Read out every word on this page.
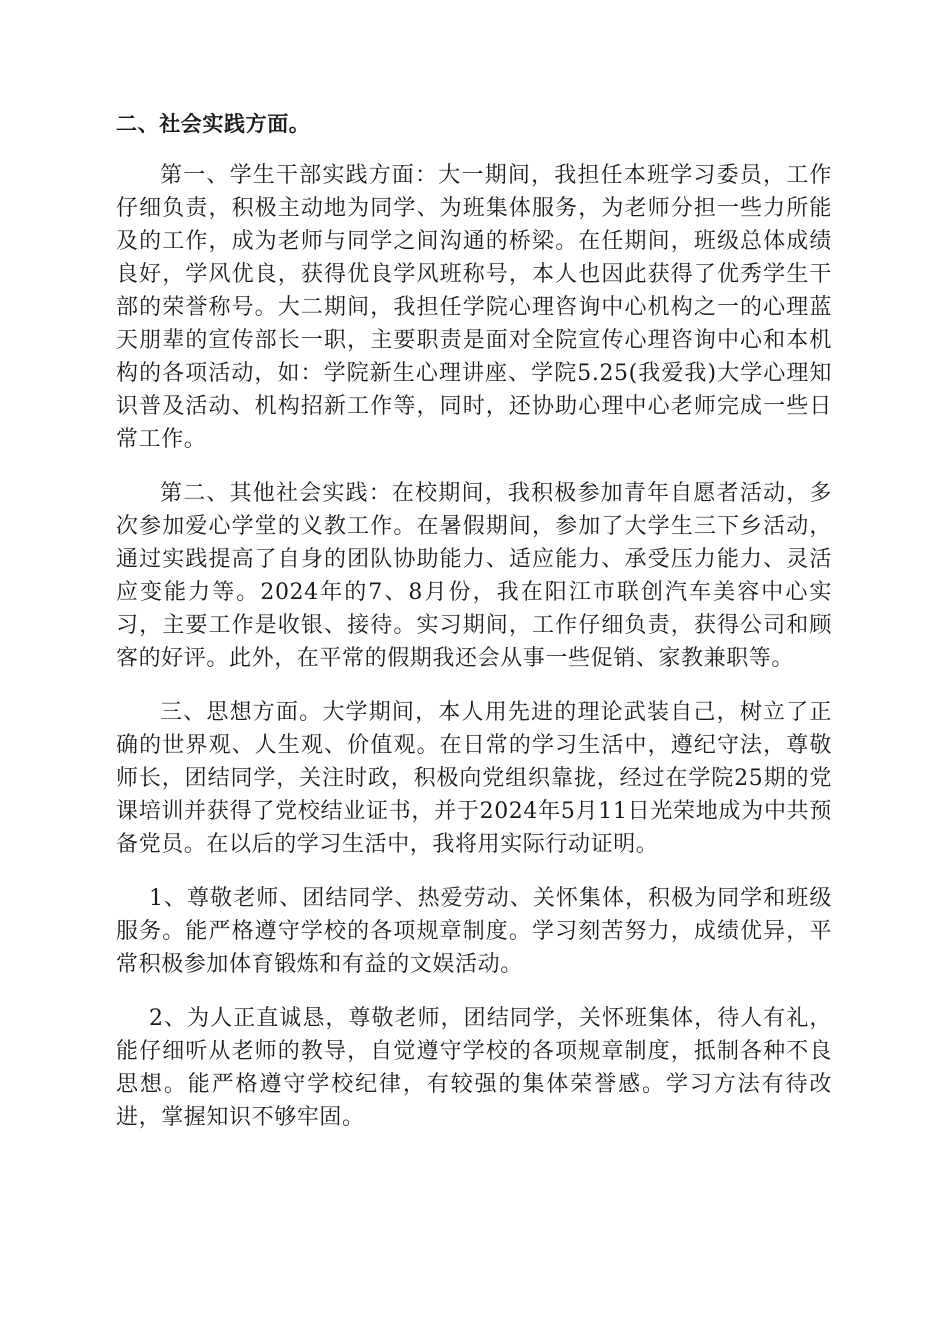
二、社会实践方面。

第一、学生干部实践方面：大一期间，我担任本班学习委员，工作仔细负责，积极主动地为同学、为班集体服务，为老师分担一些力所能及的工作，成为老师与同学之间沟通的桥梁。在任期间，班级总体成绩良好，学风优良，获得优良学风班称号，本人也因此获得了优秀学生干部的荣誉称号。大二期间，我担任学院心理咨询中心机构之一的心理蓝天朋辈的宣传部长一职，主要职责是面对全院宣传心理咨询中心和本机构的各项活动，如：学院新生心理讲座、学院5.25(我爱我)大学心理知识普及活动、机构招新工作等，同时，还协助心理中心老师完成一些日常工作。

第二、其他社会实践：在校期间，我积极参加青年自愿者活动，多次参加爱心学堂的义教工作。在暑假期间，参加了大学生三下乡活动，通过实践提高了自身的团队协助能力、适应能力、承受压力能力、灵活应变能力等。2024年的7、8月份，我在阳江市联创汽车美容中心实习，主要工作是收银、接待。实习期间，工作仔细负责，获得公司和顾客的好评。此外，在平常的假期我还会从事一些促销、家教兼职等。

三、思想方面。大学期间，本人用先进的理论武装自己，树立了正确的世界观、人生观、价值观。在日常的学习生活中，遵纪守法，尊敬师长，团结同学，关注时政，积极向党组织靠拢，经过在学院25期的党课培训并获得了党校结业证书，并于2024年5月11日光荣地成为中共预备党员。在以后的学习生活中，我将用实际行动证明。

1、尊敬老师、团结同学、热爱劳动、关怀集体，积极为同学和班级服务。能严格遵守学校的各项规章制度。学习刻苦努力，成绩优异，平常积极参加体育锻炼和有益的文娱活动。

2、为人正直诚恳，尊敬老师，团结同学，关怀班集体，待人有礼，能仔细听从老师的教导，自觉遵守学校的各项规章制度，抵制各种不良思想。能严格遵守学校纪律，有较强的集体荣誉感。学习方法有待改进，掌握知识不够牢固。
